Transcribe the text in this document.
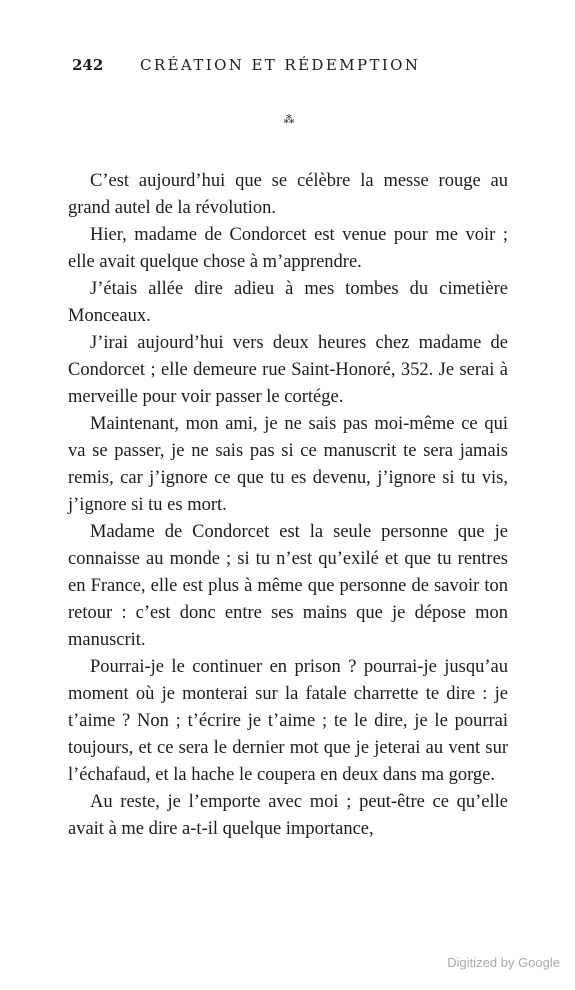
242 CRÉATION ET RÉDEMPTION
⁂

C’est aujourd’hui que se célèbre la messe rouge au grand autel de la révolution.

Hier, madame de Condorcet est venue pour me voir ; elle avait quelque chose à m’apprendre.

J’étais allée dire adieu à mes tombes du cimetière Monceaux.

J’irai aujourd’hui vers deux heures chez madame de Condorcet ; elle demeure rue Saint-Honoré, 352. Je serai à merveille pour voir passer le cortége.

Maintenant, mon ami, je ne sais pas moi-même ce qui va se passer, je ne sais pas si ce manuscrit te sera jamais remis, car j’ignore ce que tu es devenu, j’ignore si tu vis, j’ignore si tu es mort.

Madame de Condorcet est la seule personne que je connaisse au monde ; si tu n’est qu’exilé et que tu rentres en France, elle est plus à même que personne de savoir ton retour : c’est donc entre ses mains que je dépose mon manuscrit.

Pourrai-je le continuer en prison ? pourrai-je jusqu’au moment où je monterai sur la fatale charrette te dire : je t’aime ? Non ; t’écrire je t’aime ; te le dire, je le pourrai toujours, et ce sera le dernier mot que je jeterai au vent sur l’échafaud, et la hache le coupera en deux dans ma gorge.

Au reste, je l’emporte avec moi ; peut-être ce qu’elle avait à me dire a-t-il quelque importance,

Digitized by Google
